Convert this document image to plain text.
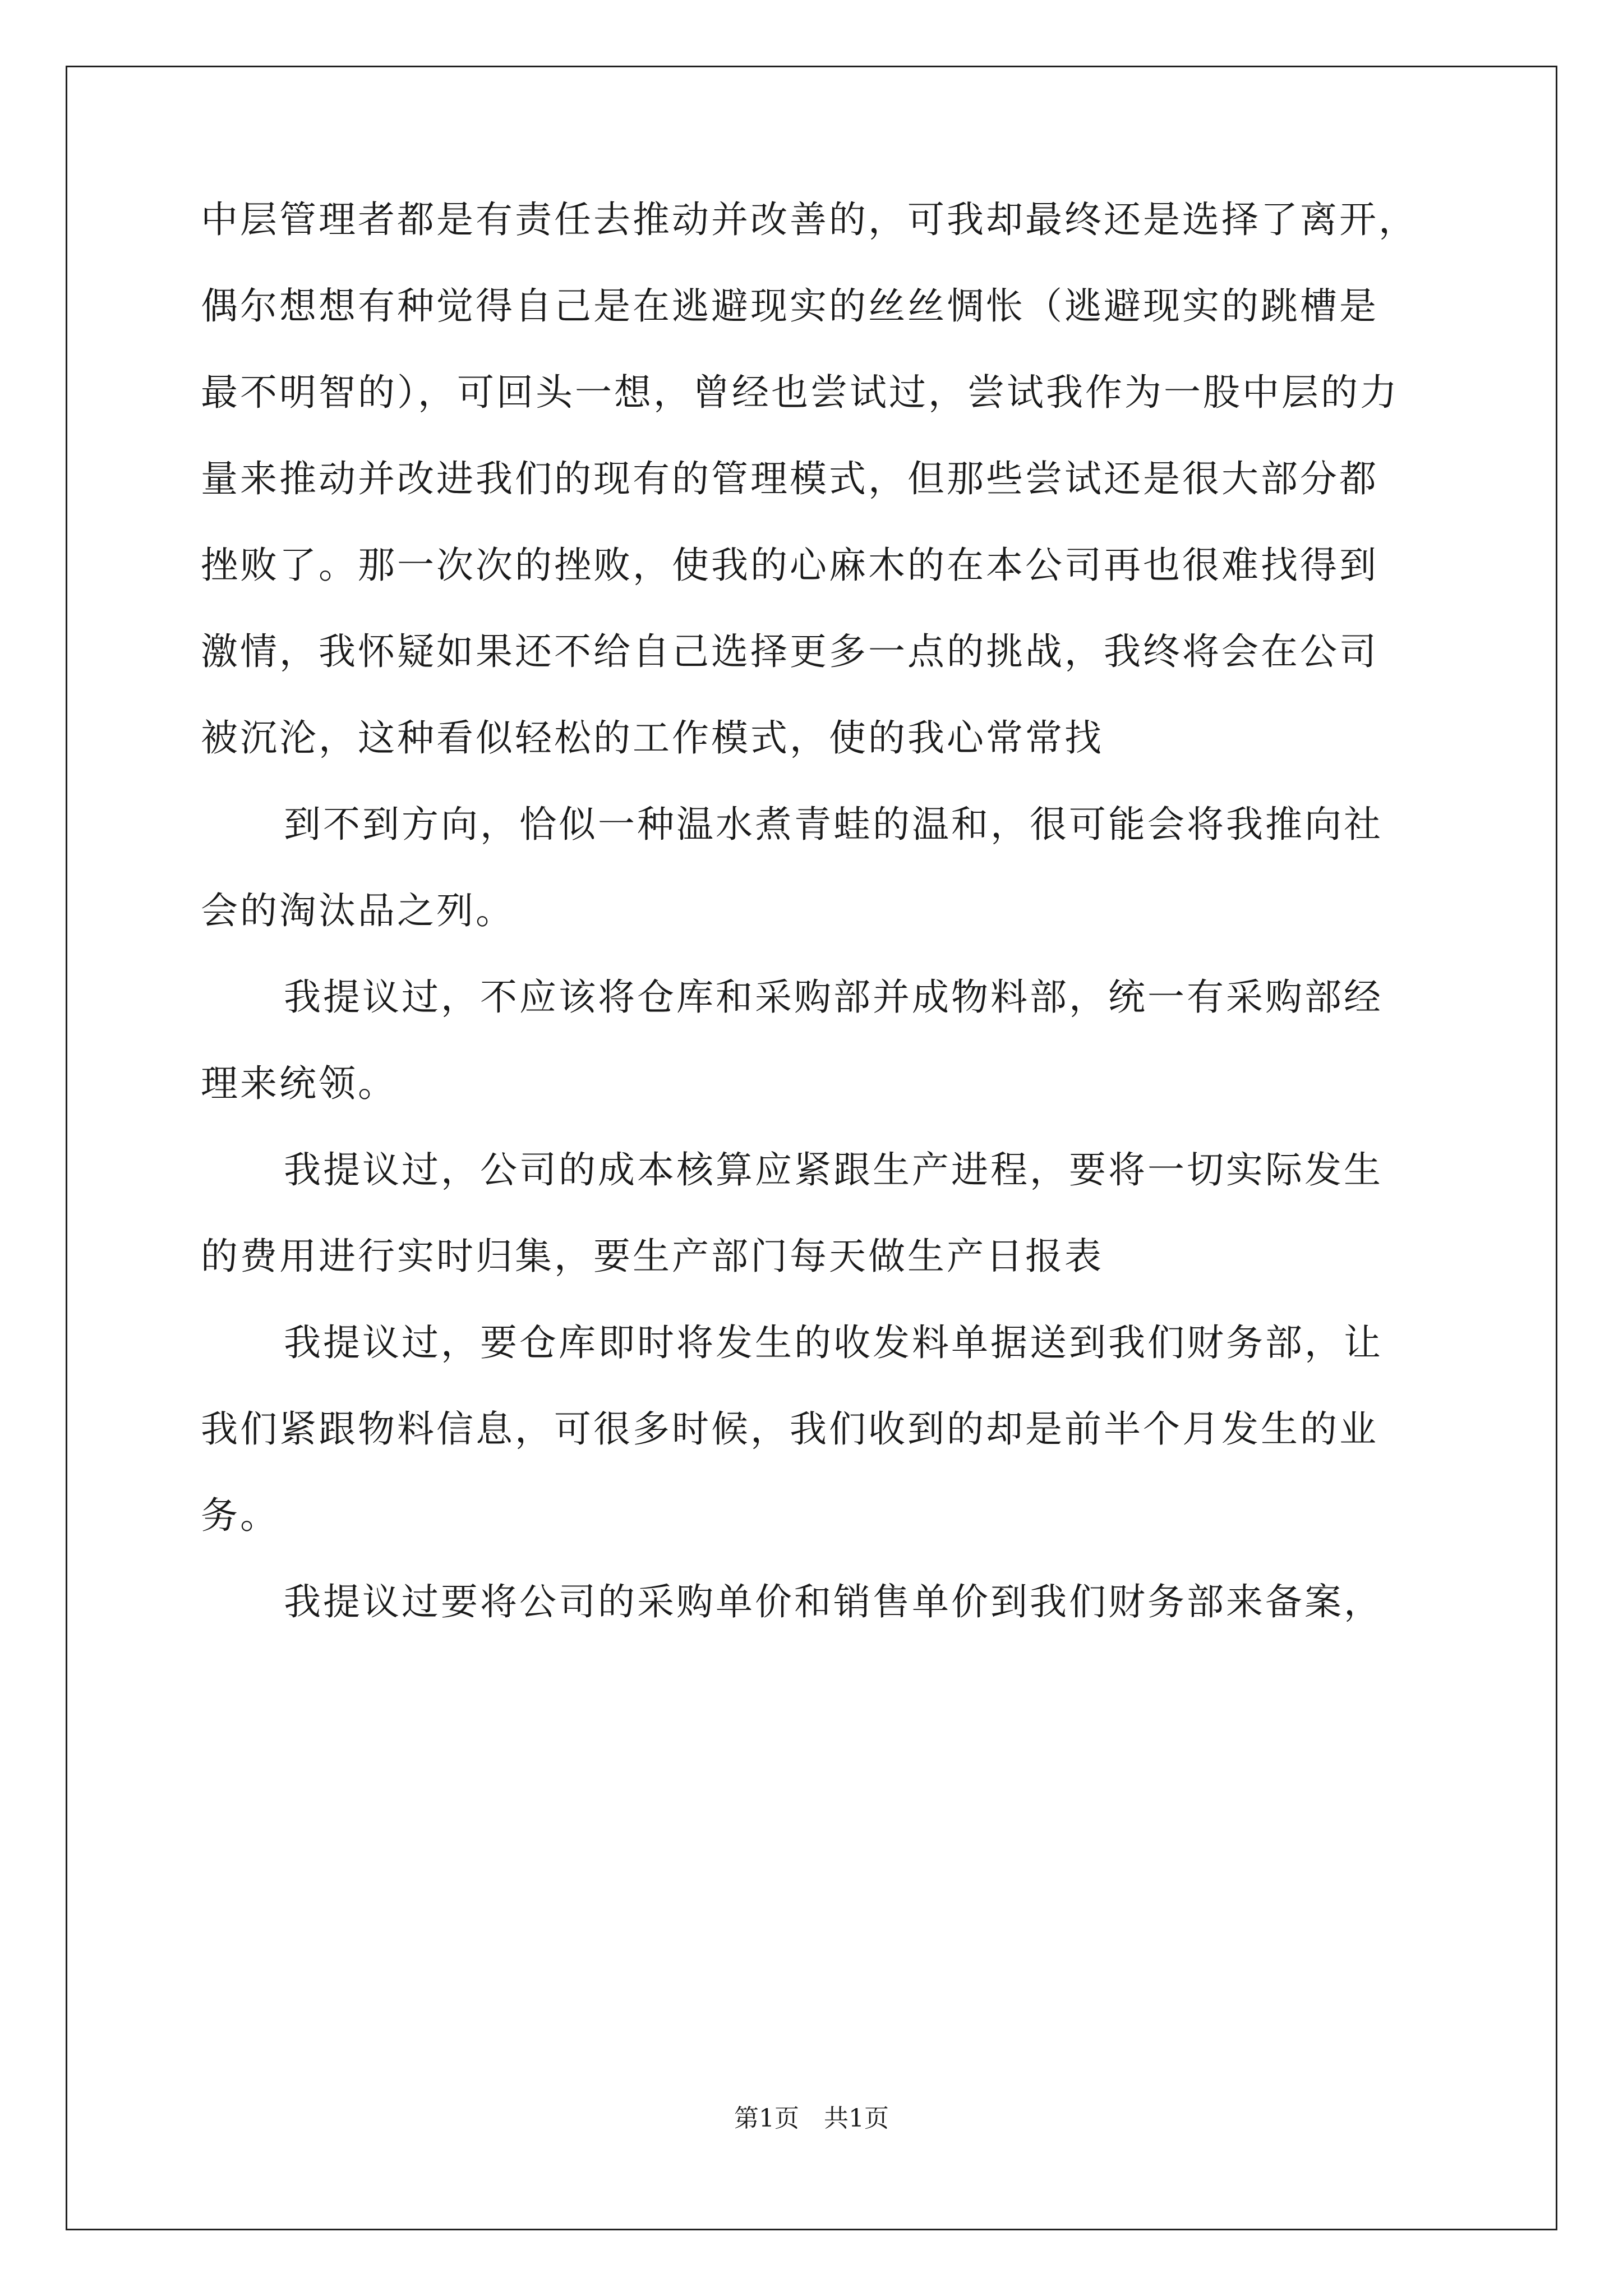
中层管理者都是有责任去推动并改善的，可我却最终还是选择了离开，
偶尔想想有种觉得自己是在逃避现实的丝丝惆怅（逃避现实的跳槽是
最不明智的），可回头一想，曾经也尝试过，尝试我作为一股中层的力
量来推动并改进我们的现有的管理模式，但那些尝试还是很大部分都
挫败了。那一次次的挫败，使我的心麻木的在本公司再也很难找得到
激情，我怀疑如果还不给自己选择更多一点的挑战，我终将会在公司
被沉沦，这种看似轻松的工作模式，使的我心常常找
到不到方向，恰似一种温水煮青蛙的温和，很可能会将我推向社
会的淘汰品之列。
我提议过，不应该将仓库和采购部并成物料部，统一有采购部经
理来统领。
我提议过，公司的成本核算应紧跟生产进程，要将一切实际发生
的费用进行实时归集，要生产部门每天做生产日报表
我提议过，要仓库即时将发生的收发料单据送到我们财务部，让
我们紧跟物料信息，可很多时候，我们收到的却是前半个月发生的业
务。
我提议过要将公司的采购单价和销售单价到我们财务部来备案，
第1页　共1页
